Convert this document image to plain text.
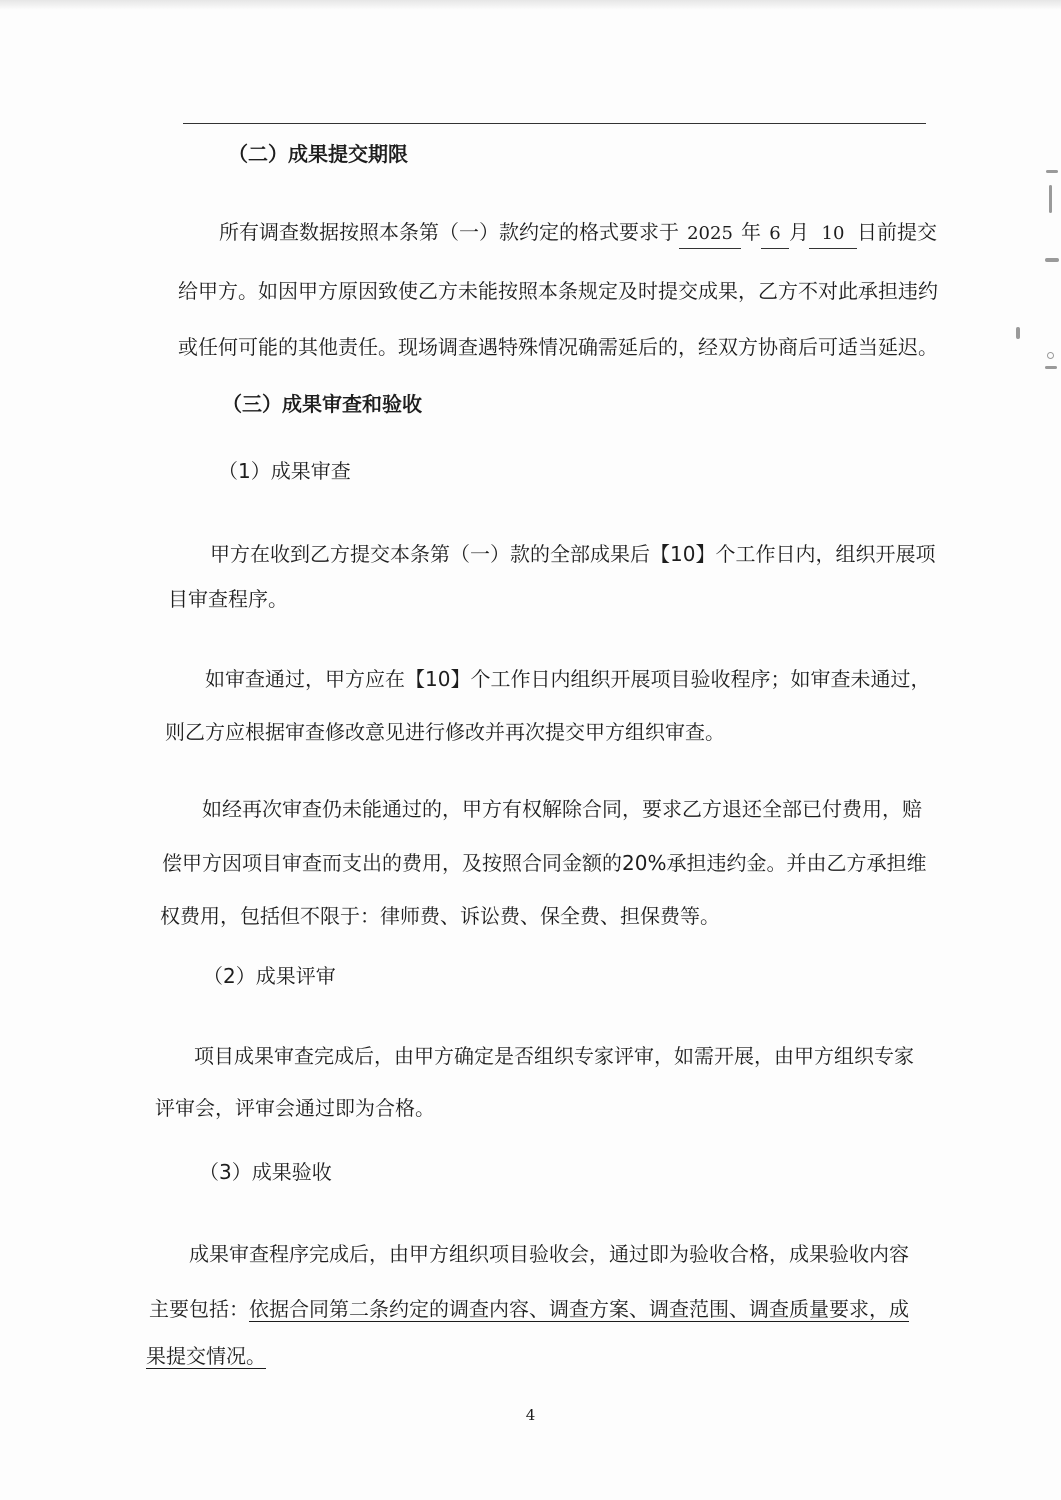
（二）成果提交期限
所有调查数据按照本条第（一）款约定的格式要求于 2025 年 6 月 10 日前提交
给甲方。如因甲方原因致使乙方未能按照本条规定及时提交成果，乙方不对此承担违约
或任何可能的其他责任。现场调查遇特殊情况确需延后的，经双方协商后可适当延迟。
（三）成果审查和验收
（1）成果审查
甲方在收到乙方提交本条第（一）款的全部成果后【10】个工作日内，组织开展项
目审查程序。
如审查通过，甲方应在【10】个工作日内组织开展项目验收程序；如审查未通过，
则乙方应根据审查修改意见进行修改并再次提交甲方组织审查。
如经再次审查仍未能通过的，甲方有权解除合同，要求乙方退还全部已付费用，赔
偿甲方因项目审查而支出的费用，及按照合同金额的20%承担违约金。并由乙方承担维
权费用，包括但不限于：律师费、诉讼费、保全费、担保费等。
（2）成果评审
项目成果审查完成后，由甲方确定是否组织专家评审，如需开展，由甲方组织专家
评审会，评审会通过即为合格。
（3）成果验收
成果审查程序完成后，由甲方组织项目验收会，通过即为验收合格，成果验收内容
主要包括：依据合同第二条约定的调查内容、调查方案、调查范围、调查质量要求，成
果提交情况。
4
